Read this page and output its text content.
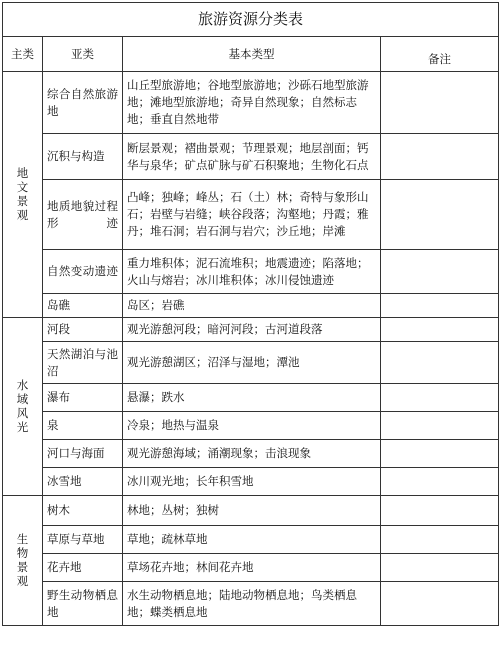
旅游资源分类表			
主类	亚类	基本类型	备注
地文景观	综合自然旅游地	山丘型旅游地；谷地型旅游地；沙砾石地型旅游地；滩地型旅游地；奇异自然现象；自然标志地；垂直自然地带	
	沉积与构造	断层景观；褶曲景观；节理景观；地层剖面；钙华与泉华；矿点矿脉与矿石积聚地；生物化石点	
	地质地貌过程形迹	凸峰；独峰；峰丛；石（土）林；奇特与象形山石；岩壁与岩缝；峡谷段落；沟壑地；丹霞；雅丹；堆石洞；岩石洞与岩穴；沙丘地；岸滩	
	自然变动遗迹	重力堆积体；泥石流堆积；地震遗迹；陷落地；火山与熔岩；冰川堆积体；冰川侵蚀遗迹	
	岛礁	岛区；岩礁	
水域风光	河段	观光游憩河段；暗河河段；古河道段落	
	天然湖泊与池沼	观光游憩湖区；沼泽与湿地；潭池	
	瀑布	悬瀑；跌水	
	泉	冷泉；地热与温泉	
	河口与海面	观光游憩海域；涌潮现象；击浪现象	
	冰雪地	冰川观光地；长年积雪地	
生物景观	树木	林地；丛树；独树	
	草原与草地	草地；疏林草地	
	花卉地	草场花卉地；林间花卉地	
	野生动物栖息地	水生动物栖息地；陆地动物栖息地；鸟类栖息地；蝶类栖息地	
